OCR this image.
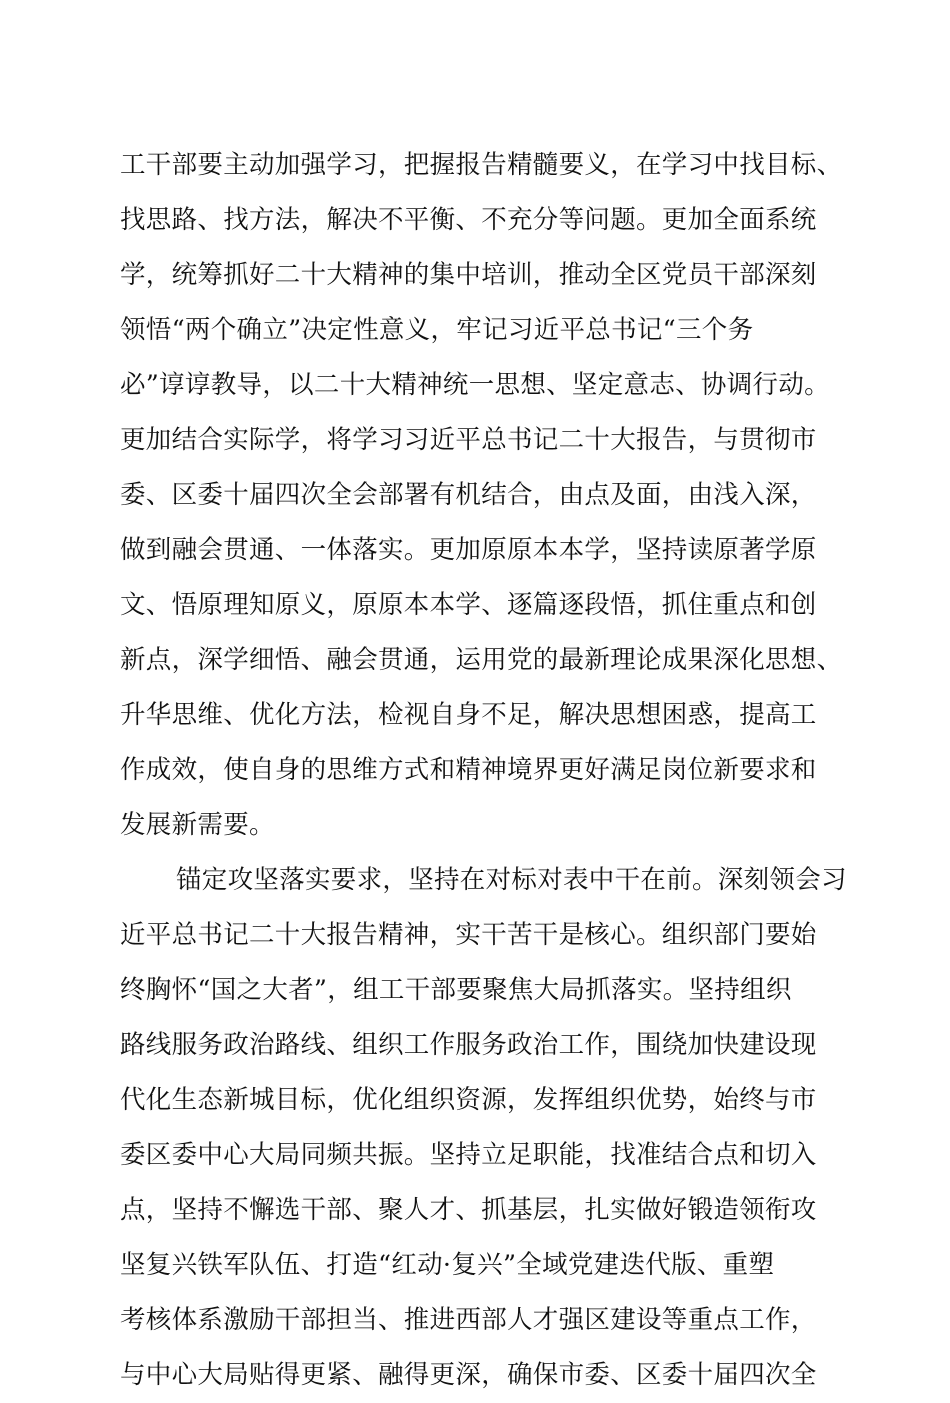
工干部要主动加强学习，把握报告精髓要义，在学习中找目标、
找思路、找方法，解决不平衡、不充分等问题。更加全面系统
学，统筹抓好二十大精神的集中培训，推动全区党员干部深刻
领悟“两个确立”决定性意义，牢记习近平总书记“三个务
必”谆谆教导，以二十大精神统一思想、坚定意志、协调行动。
更加结合实际学，将学习习近平总书记二十大报告，与贯彻市
委、区委十届四次全会部署有机结合，由点及面，由浅入深，
做到融会贯通、一体落实。更加原原本本学，坚持读原著学原
文、悟原理知原义，原原本本学、逐篇逐段悟，抓住重点和创
新点，深学细悟、融会贯通，运用党的最新理论成果深化思想、
升华思维、优化方法，检视自身不足，解决思想困惑，提高工
作成效，使自身的思维方式和精神境界更好满足岗位新要求和
发展新需要。
锚定攻坚落实要求，坚持在对标对表中干在前。深刻领会习
近平总书记二十大报告精神，实干苦干是核心。组织部门要始
终胸怀“国之大者”，组工干部要聚焦大局抓落实。坚持组织
路线服务政治路线、组织工作服务政治工作，围绕加快建设现
代化生态新城目标，优化组织资源，发挥组织优势，始终与市
委区委中心大局同频共振。坚持立足职能，找准结合点和切入
点，坚持不懈选干部、聚人才、抓基层，扎实做好锻造领衔攻
坚复兴铁军队伍、打造“红动·复兴”全域党建迭代版、重塑
考核体系激励干部担当、推进西部人才强区建设等重点工作，
与中心大局贴得更紧、融得更深，确保市委、区委十届四次全
